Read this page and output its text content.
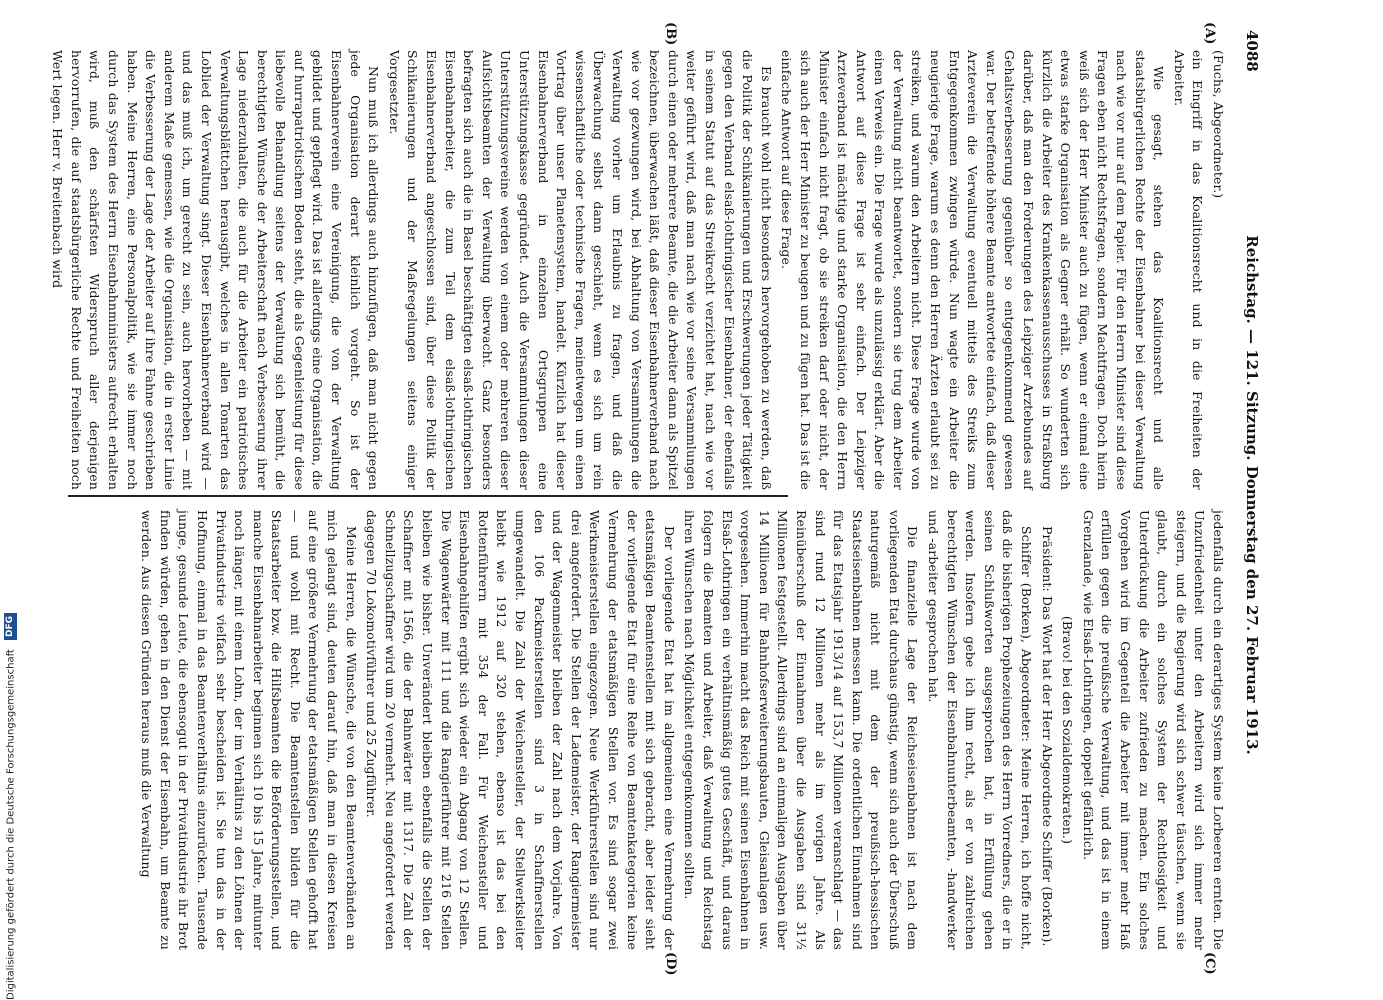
4088
Reichstag. — 121. Sitzung. Donnerstag den 27. Februar 1913.
(A)
(B)
(C)
(D)

(Fuchs, Abgeordneter.)

ein Eingriff in das Koalitionsrecht und in die Freiheiten der Arbeiter.

Wie gesagt, stehen das Koalitionsrecht und alle staatsbürgerlichen Rechte der Eisenbahner bei dieser Verwaltung nach wie vor nur auf dem Papier. Für den Herrn Minister sind diese Fragen eben nicht Rechtsfragen, sondern Machtfragen. Doch hierin weiß sich der Herr Minister auch zu fügen, wenn er einmal eine etwas starke Organisation als Gegner erhält. So wunderten sich kürzlich die Arbeiter des Krankenkassenausschusses in Straßburg darüber, daß man den Forderungen des Leipziger Arztebundes auf Gehaltsverbesserung gegenüber so entgegenkommend gewesen war. Der betreffende höhere Beamte antwortete einfach, daß dieser Arzteverein die Verwaltung eventuell mittels des Streiks zum Entgegenkommen zwingen würde. Nun wagte ein Arbeiter die neugierige Frage, warum es denn den Herren Ärzten erlaubt sei zu streiken, und warum den Arbeitern nicht. Diese Frage wurde von der Verwaltung nicht beantwortet, sondern sie trug dem Arbeiter einen Verweis ein. Die Frage wurde als unzulässig erklärt. Aber die Antwort auf diese Frage ist sehr einfach. Der Leipziger Arzteverband ist mächtige und starke Organisation, die den Herrn Minister einfach nicht fragt, ob sie streiken darf oder nicht, der sich auch der Herr Minister zu beugen und zu fügen hat. Das ist die einfache Antwort auf diese Frage.

Es braucht wohl nicht besonders hervorgehoben zu werden, daß die Politik der Schikanierungen und Erschwerungen jeder Tätigkeit gegen den Verband elsaß-lothringischer Eisenbahner, der ebenfalls in seinem Statut auf das Streikrecht verzichtet hat, nach wie vor weiter geführt wird, daß man nach wie vor seine Versammlungen durch einen oder mehrere Beamte, die die Arbeiter dann als Spitzel bezeichnen, überwachen läßt, daß dieser Eisenbahnerverband nach wie vor gezwungen wird, bei Abhaltung von Versammlungen die Verwaltung vorher um Erlaubnis zu fragen, und daß die Überwachung selbst dann geschieht, wenn es sich um rein wissenschaftliche oder technische Fragen, meinetwegen um einen Vortrag über unser Planetensystem, handelt. Kürzlich hat dieser Eisenbahnerverband in einzelnen Ortsgruppen eine Unterstützungskasse gegründet. Auch die Versammlungen dieser Unterstützungsvereine werden von einem oder mehreren dieser Aufsichtsbeamten der Verwaltung überwacht. Ganz besonders befragten sich auch die in Basel beschäftigten elsaß-lothringischen Eisenbahnarbeiter, die zum Teil dem elsaß-lothringischen Eisenbahnerverband angeschlossen sind, über diese Politik der Schikanierungen und der Maßregelungen seitens einiger Vorgesetzter.

Nun muß ich allerdings auch hinzufügen, daß man nicht gegen jede Organisation derart kleinlich vorgeht. So ist der Eisenbahnerverein eine Vereinigung, die von der Verwaltung gebildet und gepflegt wird. Das ist allerdings eine Organisation, die auf hurrapatriotischem Boden steht, die als Gegenleistung für diese liebevolle Behandlung seitens der Verwaltung sich bemüht, die berechtigten Wünsche der Arbeiterschaft nach Verbesserung ihrer Lage niederzuhalten, die auch für die Arbeiter ein patriotisches Verwaltungsblättchen herausgibt, welches in allen Tonarten das Loblied der Verwaltung singt. Dieser Eisenbahnerverband wird — und das muß ich, um gerecht zu sein, auch hervorheben — mit anderem Maße gemessen, wie die Organisation, die in erster Linie die Verbesserung der Lage der Arbeiter auf ihre Fahne geschrieben haben. Meine Herren, eine Personalpolitik, wie sie immer noch durch das System des Herrn Eisenbahnministers aufrecht erhalten wird, muß den schärfsten Widerspruch aller derjenigen hervorrufen, die auf staatsbürgerliche Rechte und Freiheiten noch Wert legen. Herr v. Breitenbach wird

jedenfalls durch ein derartiges System keine Lorbeeren ernten. Die Unzufriedenheit unter den Arbeitern wird sich immer mehr steigern, und die Regierung wird sich schwer täuschen, wenn sie glaubt, durch ein solches System der Rechtlosigkeit und Unterdrückung die Arbeiter zufrieden zu machen. Ein solches Vorgehen wird im Gegenteil die Arbeiter mit immer mehr Haß erfüllen gegen die preußische Verwaltung, und das ist in einem Grenzlande, wie Elsaß-Lothringen, doppelt gefährlich.

(Bravo! bei den Sozialdemokraten.)

Präsident: Das Wort hat der Herr Abgeordnete Schiffer (Borken).

Schiffer (Borken), Abgeordneter: Meine Herren, ich hoffe nicht, daß die bisherigen Prophezeiungen des Herrn Vorredners, die er in seinen Schlußworten ausgesprochen hat, in Erfüllung gehen werden. Insofern gebe ich ihm recht, als er von zahlreichen berechtigten Wünschen der Eisenbahnunterbeamten, -handwerker und -arbeiter gesprochen hat.

Die finanzielle Lage der Reichseisenbahnen ist nach dem vorliegenden Etat durchaus günstig, wenn sich auch der Überschuß naturgemäß nicht mit dem der preußisch-hessischen Staatseisenbahnen messen kann. Die ordentlichen Einnahmen sind für das Etatsjahr 1913/14 auf 153,7 Millionen veranschlagt — das sind rund 12 Millionen mehr als im vorigen Jahre. Als Reinüberschuß der Einnahmen über die Ausgaben sind 31½ Millionen festgestellt. Allerdings sind an einmaligen Ausgaben über 14 Millionen für Bahnhofserweiterungsbauten, Gleisanlagen usw. vorgesehen. Immerhin macht das Reich mit seinen Eisenbahnen in Elsaß-Lothringen ein verhältnismäßig gutes Geschäft, und daraus folgern die Beamten und Arbeiter, daß Verwaltung und Reichstag ihren Wünschen nach Möglichkeit entgegenkommen sollten.

Der vorliegende Etat hat im allgemeinen eine Vermehrung der etatsmäßigen Beamtenstellen mit sich gebracht, aber leider sieht der vorliegende Etat für eine Reihe von Beamtenkategorien keine Vermehrung der etatsmäßigen Stellen vor. Es sind sogar zwei Werkmeisterstellen eingezogen. Neue Werkführerstellen sind nur drei angefordert. Die Stellen der Lademeister, der Rangiermeister und der Wagenmeister bleiben der Zahl nach dem Vorjahre. Von den 106 Packmeisterstellen sind 3 in Schaffnerstellen umgewandelt. Die Zahl der Weichensteller, der Stellwerksleiter bleibt wie 1912 auf 320 stehen, ebenso ist das bei den Rottenführern mit 354 der Fall. Für Weichensteller und Eisenbahngehilfen ergibt sich wieder ein Abgang von 12 Stellen. Die Wagenwärter mit 111 und die Rangierführer mit 216 Stellen bleiben wie bisher. Unverändert bleiben ebenfalls die Stellen der Schaffner mit 1566, die der Bahnwärter mit 1317. Die Zahl der Schnellzugschaffner wird um 20 vermehrt. Neu angefordert werden dagegen 70 Lokomotivführer und 25 Zugführer.

Meine Herren, die Wünsche, die von den Beamtenverbänden an mich gelangt sind, deuten darauf hin, daß man in diesen Kreisen auf eine größere Vermehrung der etatsmäßigen Stellen gehofft hat — und wohl mit Recht. Die Beamtenstellen bilden für die Staatsarbeiter bzw. die Hilfsbeamten die Beförderungsstellen, und manche Eisenbahnarbeiter beginnen sich 10 bis 15 Jahre, mitunter noch länger, mit einem Lohn, der im Verhältnis zu den Löhnen der Privatindustrie vielfach sehr bescheiden ist. Sie tun das in der Hoffnung, einmal in das Beamtenverhältnis einzurücken. Tausende junge, gesunde Leute, die ebensogut in der Privatindustrie ihr Brot finden würden, gehen in den Dienst der Eisenbahn, um Beamte zu werden. Aus diesen Gründen heraus muß die Verwaltung

Digitalisierung gefördert durch die Deutsche Forschungsgemeinschaft DFG
